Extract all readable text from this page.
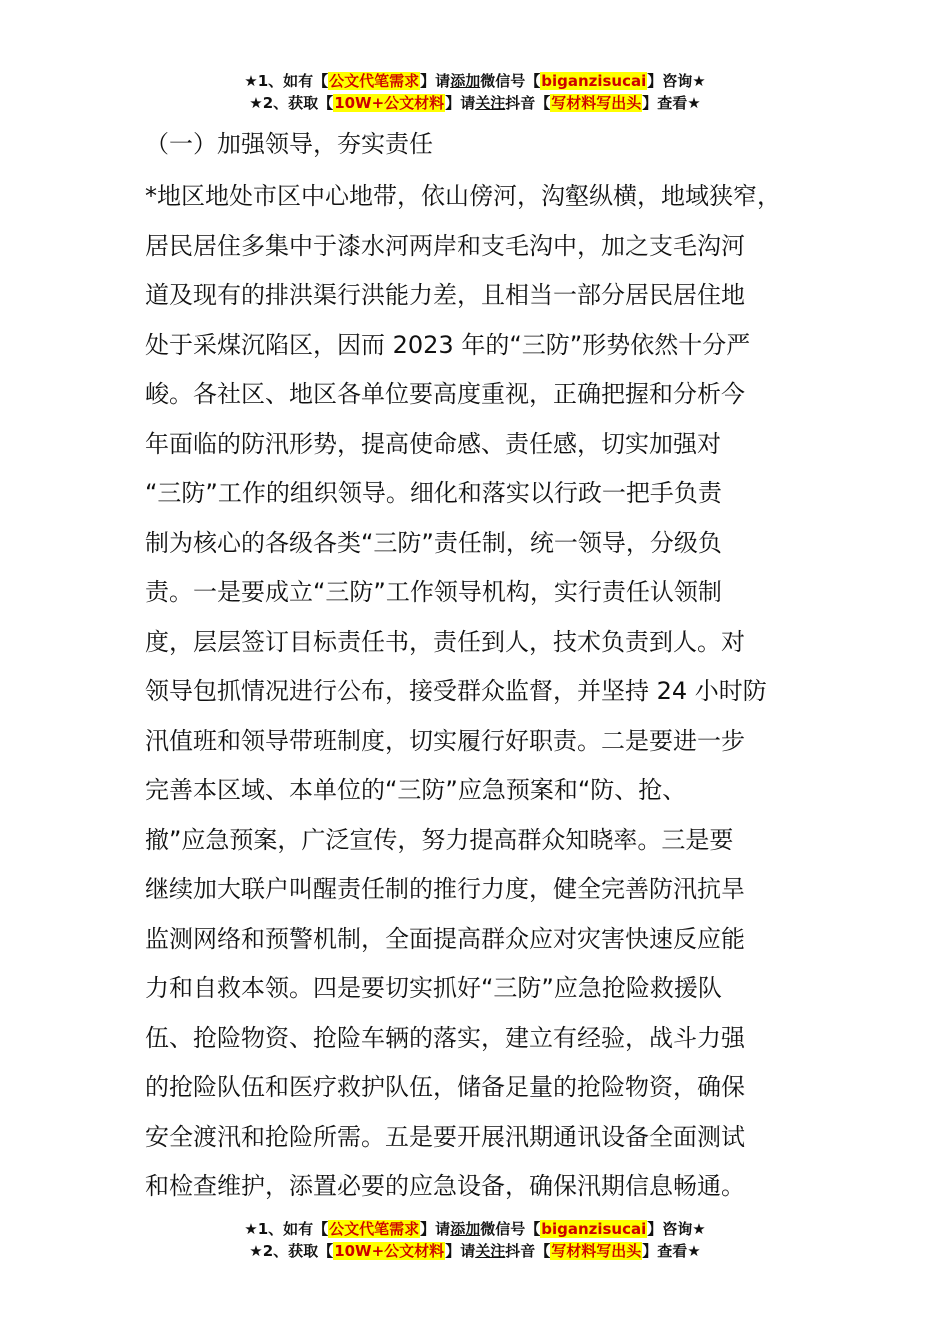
★1、如有【公文代笔需求】请添加微信号【biganzisucai】咨询★
★2、获取【10W+公文材料】请关注抖音【写材料写出头】查看★
（一）加强领导，夯实责任
*地区地处市区中心地带，依山傍河，沟壑纵横，地域狭窄，
居民居住多集中于漆水河两岸和支毛沟中，加之支毛沟河
道及现有的排洪渠行洪能力差，且相当一部分居民居住地
处于采煤沉陷区，因而 2023 年的“三防”形势依然十分严
峻。各社区、地区各单位要高度重视，正确把握和分析今
年面临的防汛形势，提高使命感、责任感，切实加强对
“三防”工作的组织领导。细化和落实以行政一把手负责
制为核心的各级各类“三防”责任制，统一领导，分级负
责。一是要成立“三防”工作领导机构，实行责任认领制
度，层层签订目标责任书，责任到人，技术负责到人。对
领导包抓情况进行公布，接受群众监督，并坚持 24 小时防
汛值班和领导带班制度，切实履行好职责。二是要进一步
完善本区域、本单位的“三防”应急预案和“防、抢、
撤”应急预案，广泛宣传，努力提高群众知晓率。三是要
继续加大联户叫醒责任制的推行力度，健全完善防汛抗旱
监测网络和预警机制，全面提高群众应对灾害快速反应能
力和自救本领。四是要切实抓好“三防”应急抢险救援队
伍、抢险物资、抢险车辆的落实，建立有经验，战斗力强
的抢险队伍和医疗救护队伍，储备足量的抢险物资，确保
安全渡汛和抢险所需。五是要开展汛期通讯设备全面测试
和检查维护，添置必要的应急设备，确保汛期信息畅通。
★1、如有【公文代笔需求】请添加微信号【biganzisucai】咨询★
★2、获取【10W+公文材料】请关注抖音【写材料写出头】查看★
